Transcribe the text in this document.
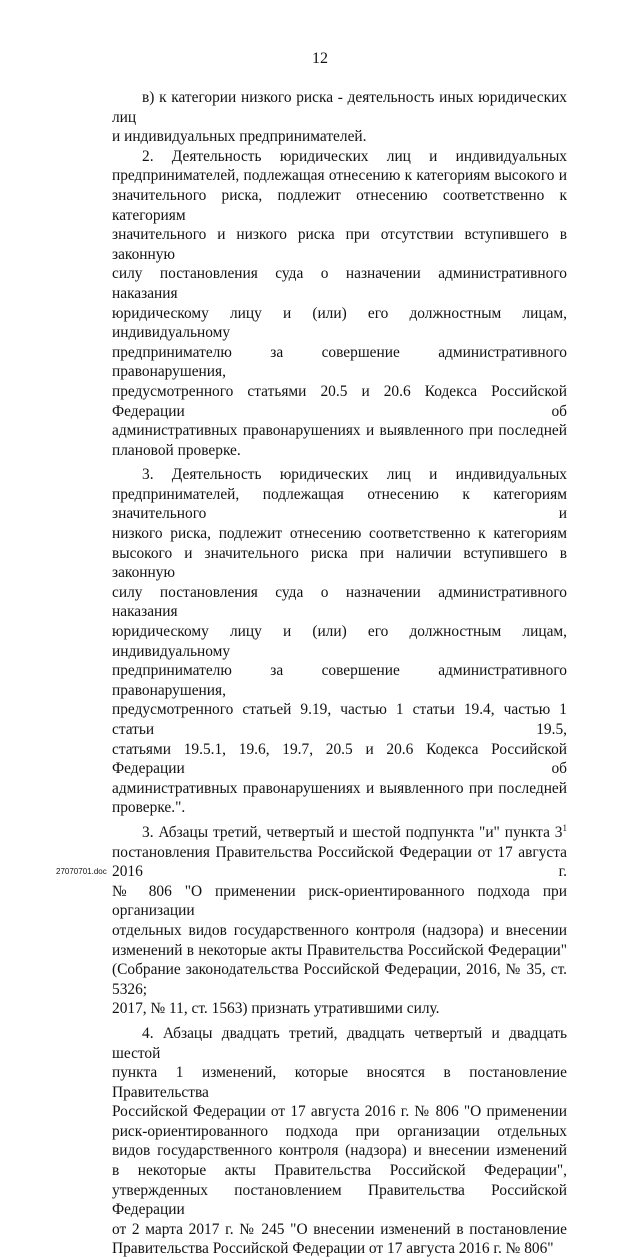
12
в) к категории низкого риска - деятельность иных юридических лиц
и индивидуальных предпринимателей.
2. Деятельность юридических лиц и индивидуальных
предпринимателей, подлежащая отнесению к категориям высокого и
значительного риска, подлежит отнесению соответственно к категориям
значительного и низкого риска при отсутствии вступившего в законную
силу постановления суда о назначении административного наказания
юридическому лицу и (или) его должностным лицам, индивидуальному
предпринимателю за совершение административного правонарушения,
предусмотренного статьями 20.5 и 20.6 Кодекса Российской Федерации об
административных правонарушениях и выявленного при последней
плановой проверке.
3. Деятельность юридических лиц и индивидуальных
предпринимателей, подлежащая отнесению к категориям значительного и
низкого риска, подлежит отнесению соответственно к категориям
высокого и значительного риска при наличии вступившего в законную
силу постановления суда о назначении административного наказания
юридическому лицу и (или) его должностным лицам, индивидуальному
предпринимателю за совершение административного правонарушения,
предусмотренного статьей 9.19, частью 1 статьи 19.4, частью 1 статьи 19.5,
статьями 19.5.1, 19.6, 19.7, 20.5 и 20.6 Кодекса Российской Федерации об
административных правонарушениях и выявленного при последней
проверке.".
3. Абзацы третий, четвертый и шестой подпункта "и" пункта $3^1$
постановления Правительства Российской Федерации от 17 августа 2016 г.
№ 806 "О применении риск-ориентированного подхода при организации
отдельных видов государственного контроля (надзора) и внесении
изменений в некоторые акты Правительства Российской Федерации"
(Собрание законодательства Российской Федерации, 2016, № 35, ст. 5326;
2017, № 11, ст. 1563) признать утратившими силу.
4. Абзацы двадцать третий, двадцать четвертый и двадцать шестой
пункта 1 изменений, которые вносятся в постановление Правительства
Российской Федерации от 17 августа 2016 г. № 806 "О применении
риск-ориентированного подхода при организации отдельных
видов государственного контроля (надзора) и внесении изменений
в некоторые акты Правительства Российской Федерации",
утвержденных постановлением Правительства Российской Федерации
от 2 марта 2017 г. № 245 "О внесении изменений в постановление
Правительства Российской Федерации от 17 августа 2016 г. № 806"
27070701.doc
